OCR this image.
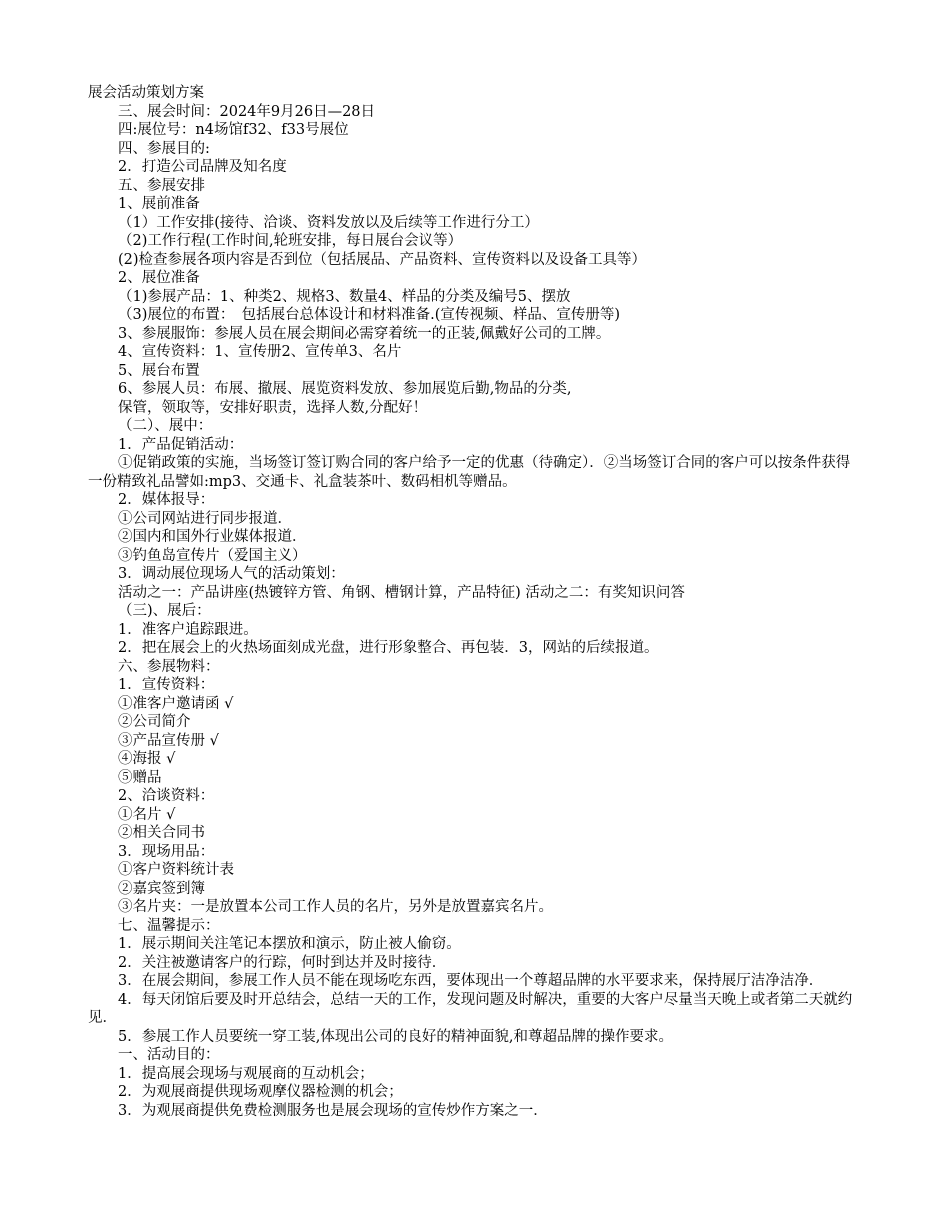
展会活动策划方案
三、展会时间：2024年9月26日—28日
四:展位号：n4场馆f32、f33号展位
四、参展目的:
2．打造公司品牌及知名度
五、参展安排
1、展前准备
（1）工作安排(接待、洽谈、资料发放以及后续等工作进行分工）
（2)工作行程(工作时间,轮班安排，每日展台会议等）
(2)检查参展各项内容是否到位（包括展品、产品资料、宣传资料以及设备工具等）
2、展位准备
（1)参展产品：1、种类2、规格3、数量4、样品的分类及编号5、摆放
（3)展位的布置：　包括展台总体设计和材料准备.(宣传视频、样品、宣传册等)
3、参展服饰：参展人员在展会期间必需穿着统一的正装,佩戴好公司的工牌。
4、宣传资料：1、宣传册2、宣传单3、名片
5、展台布置
6、参展人员：布展、撤展、展览资料发放、参加展览后勤,物品的分类,
保管，领取等，安排好职责，选择人数,分配好！
（二）、展中：
1．产品促销活动：
①促销政策的实施，当场签订签订购合同的客户给予一定的优惠（待确定）．②当场签订合同的客户可以按条件获得一份精致礼品譬如:mp3、交通卡、礼盒装茶叶、数码相机等赠品。
2．媒体报导：
①公司网站进行同步报道．
②国内和国外行业媒体报道．
③钓鱼岛宣传片（爱国主义）
3．调动展位现场人气的活动策划：
活动之一：产品讲座(热镀锌方管、角钢、槽钢计算，产品特征) 活动之二：有奖知识问答
（三)、展后：
1．准客户追踪跟进。
2．把在展会上的火热场面刻成光盘，进行形象整合、再包装．3，网站的后续报道。
六、参展物料：
1．宣传资料：
①准客户邀请函 √
②公司简介
③产品宣传册 √
④海报 √
⑤赠品
2、洽谈资料：
①名片 √
②相关合同书
3．现场用品：
①客户资料统计表
②嘉宾签到簿
③名片夹：一是放置本公司工作人员的名片，另外是放置嘉宾名片。
七、温馨提示：
1．展示期间关注笔记本摆放和演示，防止被人偷窃。
2．关注被邀请客户的行踪，何时到达并及时接待．
3．在展会期间，参展工作人员不能在现场吃东西，要体现出一个尊超品牌的水平要求来，保持展厅洁净洁净．
4．每天闭馆后要及时开总结会，总结一天的工作，发现问题及时解决，重要的大客户尽量当天晚上或者第二天就约见．
5．参展工作人员要统一穿工装,体现出公司的良好的精神面貌,和尊超品牌的操作要求。
一、活动目的：
1．提高展会现场与观展商的互动机会；
2．为观展商提供现场观摩仪器检测的机会；
3．为观展商提供免费检测服务也是展会现场的宣传炒作方案之一．
